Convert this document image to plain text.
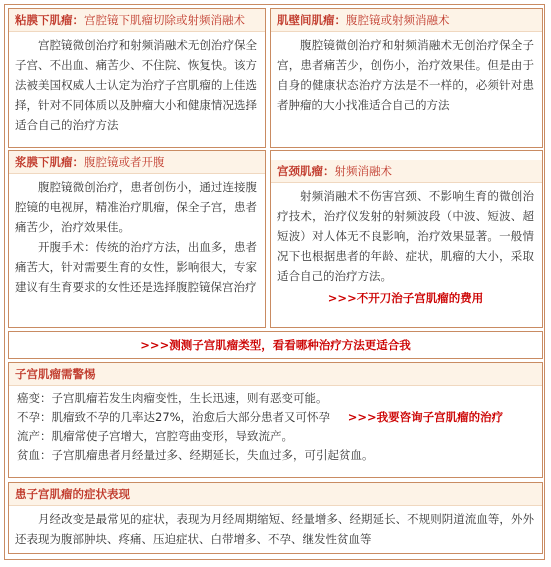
粘膜下肌瘤：宫腔镜下肌瘤切除或射频消融术

宫腔镜微创治疗和射频消融术无创治疗保全子宫、不出血、痛苦少、不住院、恢复快。该方法被美国权威人士认定为治疗子宫肌瘤的上佳选择，针对不同体质以及肿瘤大小和健康情况选择适合自己的治疗方法

肌壁间肌瘤：腹腔镜或射频消融术

腹腔镜微创治疗和射频消融术无创治疗保全子宫，患者痛苦少，创伤小，治疗效果佳。但是由于自身的健康状态治疗方法是不一样的，必须针对患者肿瘤的大小找准适合自己的方法

浆膜下肌瘤：腹腔镜或者开腹

腹腔镜微创治疗，患者创伤小，通过连接腹腔镜的电视屏，精准治疗肌瘤，保全子宫，患者痛苦少，治疗效果佳。

开腹手术：传统的治疗方法，出血多，患者痛苦大，针对需要生育的女性，影响很大，专家建议有生育要求的女性还是选择腹腔镜保宫治疗

宫颈肌瘤：射频消融术

射频消融术不伤害宫颈、不影响生育的微创治疗技术，治疗仪发射的射频波段（中波、短波、超短波）对人体无不良影响，治疗效果显著。一般情况下也根据患者的年龄、症状，肌瘤的大小，采取适合自己的治疗方法。

>>>不开刀治子宫肌瘤的费用

>>>测测子宫肌瘤类型，看看哪种治疗方法更适合我
子宫肌瘤需警惕

癌变：子宫肌瘤若发生肉瘤变性，生长迅速，则有恶变可能。

不孕：肌瘤致不孕的几率达27%，治愈后大部分患者又可怀孕 >>>我要咨询子宫肌瘤的治疗

流产：肌瘤常使子宫增大，宫腔弯曲变形，导致流产。

贫血：子宫肌瘤患者月经量过多、经期延长，失血过多，可引起贫血。

患子宫肌瘤的症状表现

月经改变是最常见的症状，表现为月经周期缩短、经量增多、经期延长、不规则阴道流血等，外外还表现为腹部肿块、疼痛、压迫症状、白带增多、不孕、继发性贫血等
